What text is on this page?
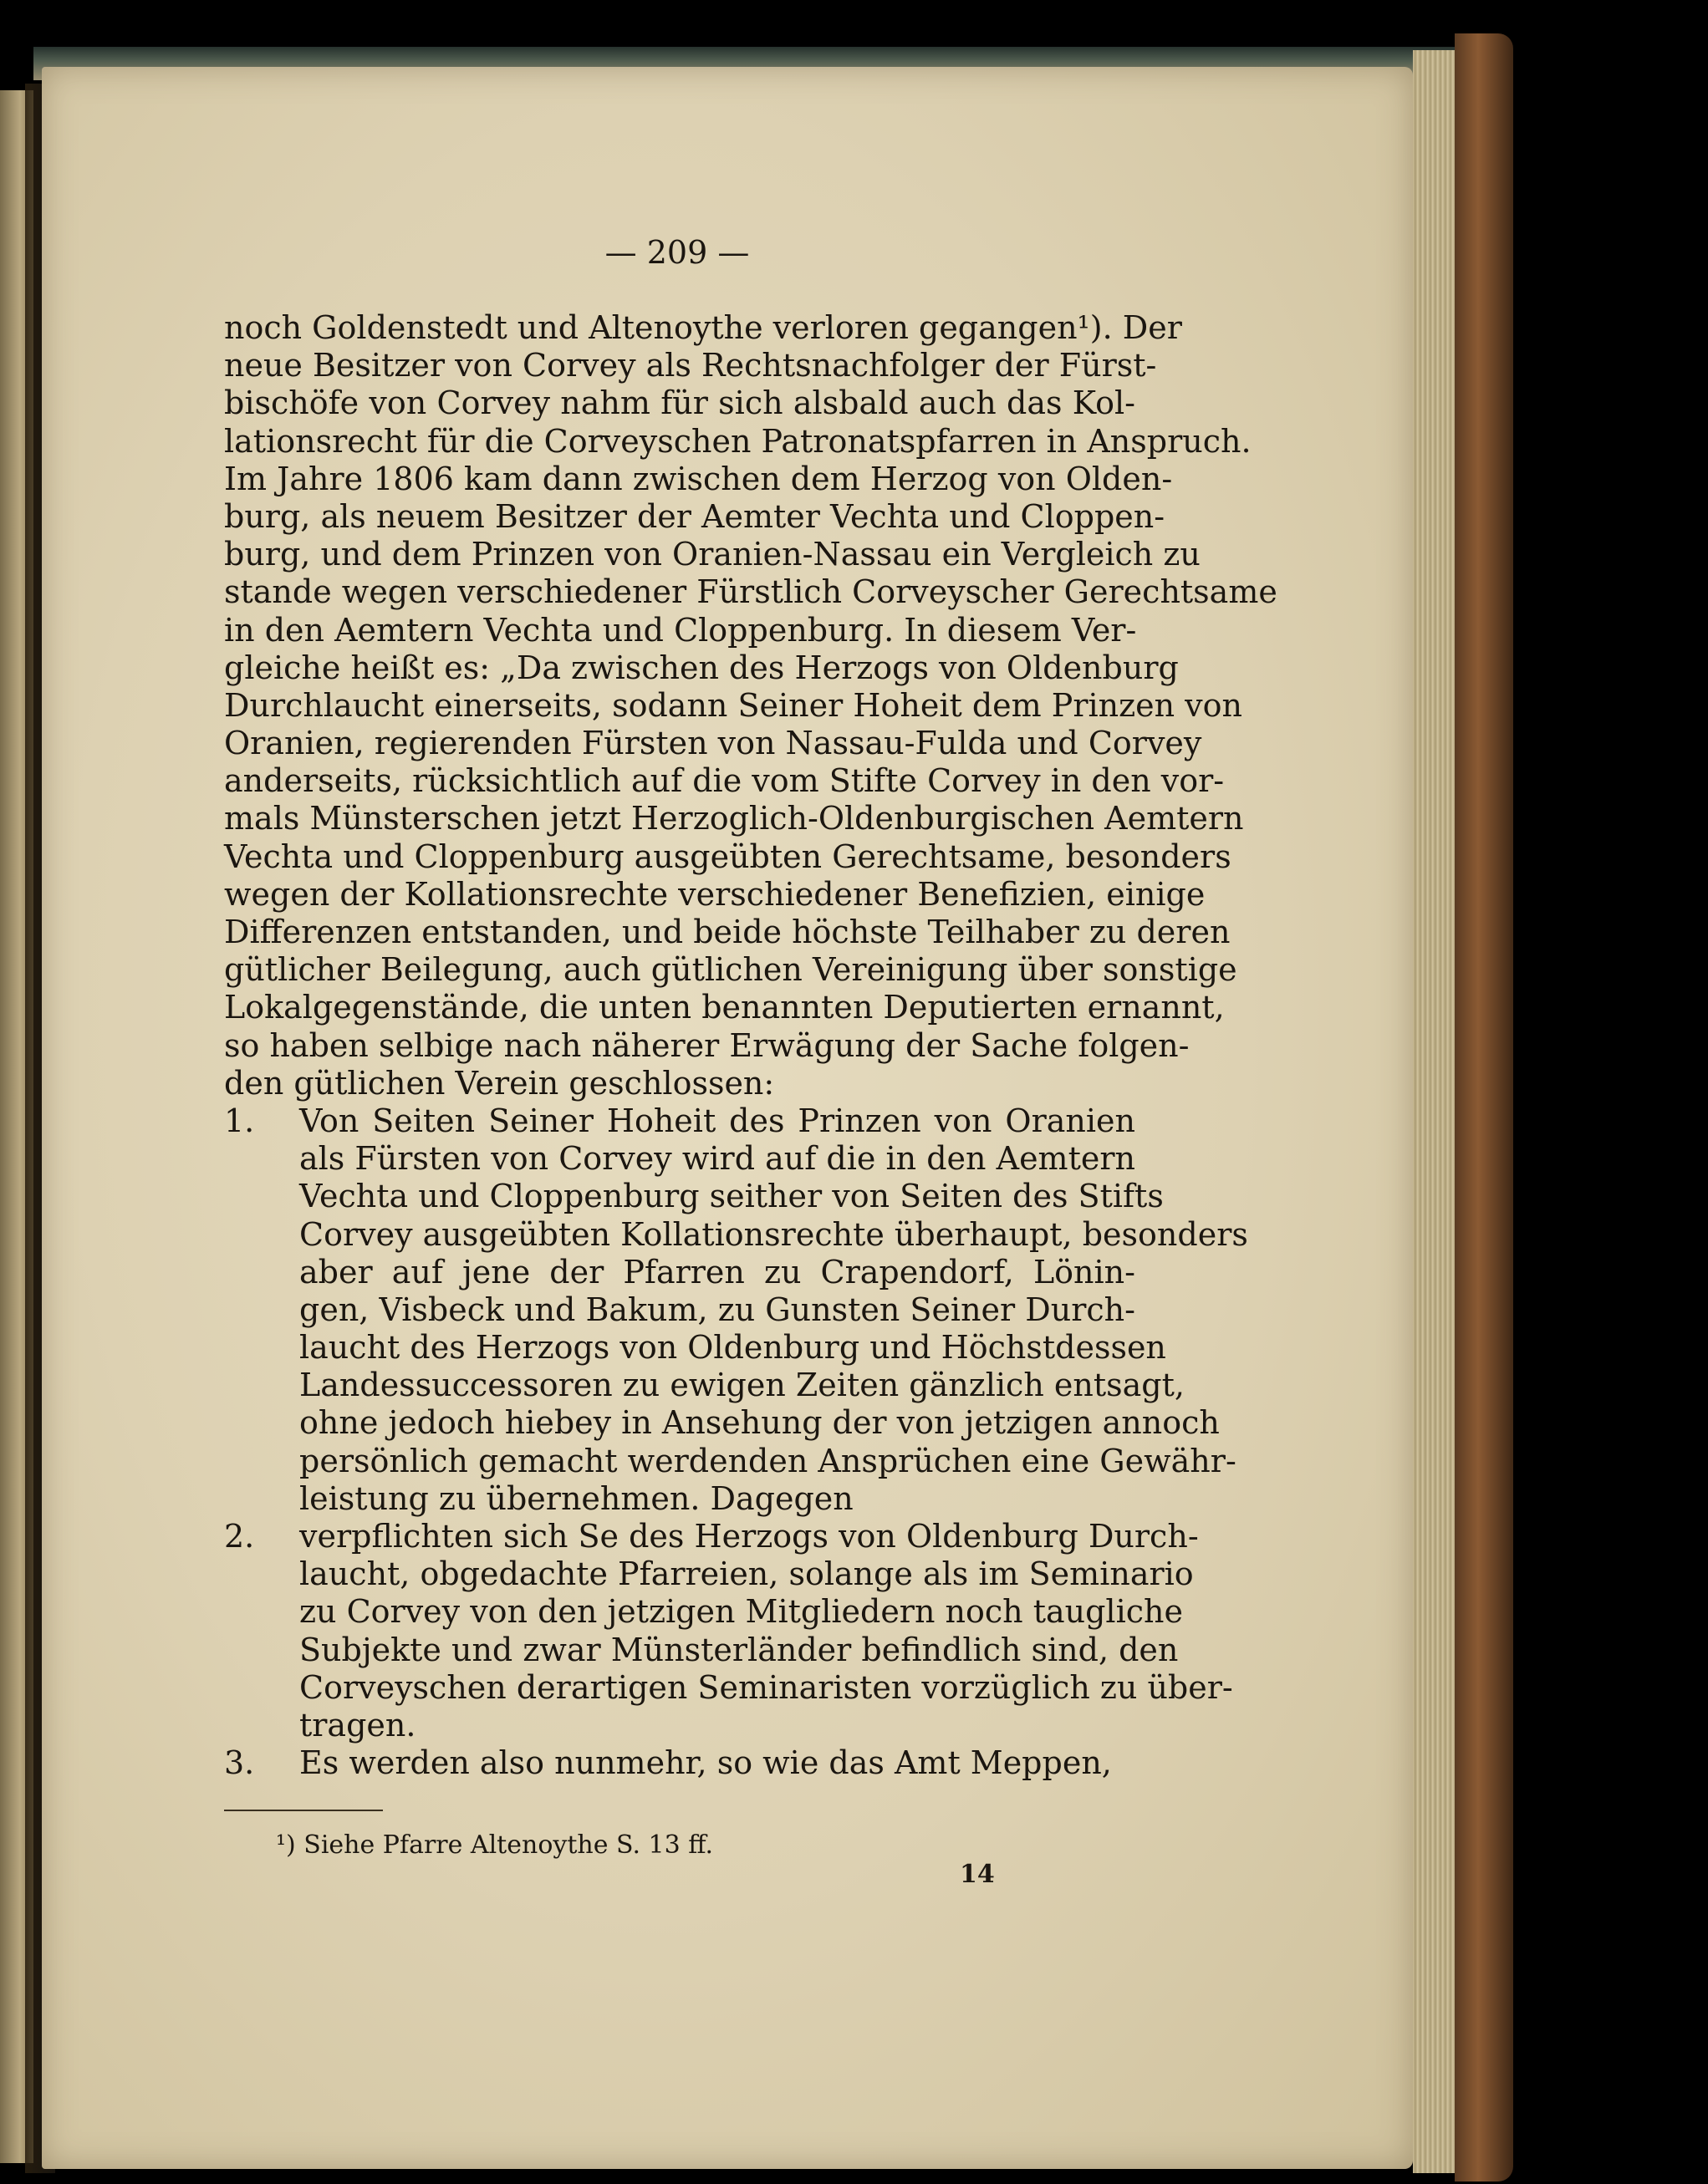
— 209 —
noch Goldenstedt und Altenoythe verloren gegangen¹). Der
neue Besitzer von Corvey als Rechtsnachfolger der Fürst-
bischöfe von Corvey nahm für sich alsbald auch das Kol-
lationsrecht für die Corveyschen Patronatspfarren in Anspruch.
Im Jahre 1806 kam dann zwischen dem Herzog von Olden-
burg, als neuem Besitzer der Aemter Vechta und Cloppen-
burg, und dem Prinzen von Oranien-Nassau ein Vergleich zu
stande wegen verschiedener Fürstlich Corveyscher Gerechtsame
in den Aemtern Vechta und Cloppenburg. In diesem Ver-
gleiche heißt es: „Da zwischen des Herzogs von Oldenburg
Durchlaucht einerseits, sodann Seiner Hoheit dem Prinzen von
Oranien, regierenden Fürsten von Nassau-Fulda und Corvey
anderseits, rücksichtlich auf die vom Stifte Corvey in den vor-
mals Münsterschen jetzt Herzoglich-Oldenburgischen Aemtern
Vechta und Cloppenburg ausgeübten Gerechtsame, besonders
wegen der Kollationsrechte verschiedener Benefizien, einige
Differenzen entstanden, und beide höchste Teilhaber zu deren
gütlicher Beilegung, auch gütlichen Vereinigung über sonstige
Lokalgegenstände, die unten benannten Deputierten ernannt,
so haben selbige nach näherer Erwägung der Sache folgen-
den gütlichen Verein geschlossen:
1. Von Seiten Seiner Hoheit des Prinzen von Oranien
als Fürsten von Corvey wird auf die in den Aemtern
Vechta und Cloppenburg seither von Seiten des Stifts
Corvey ausgeübten Kollationsrechte überhaupt, besonders
aber auf jene der Pfarren zu Crapendorf, Lönin-
gen, Visbeck und Bakum, zu Gunsten Seiner Durch-
laucht des Herzogs von Oldenburg und Höchstdessen
Landessuccessoren zu ewigen Zeiten gänzlich entsagt,
ohne jedoch hiebey in Ansehung der von jetzigen annoch
persönlich gemacht werdenden Ansprüchen eine Gewähr-
leistung zu übernehmen. Dagegen
2. verpflichten sich Se des Herzogs von Oldenburg Durch-
laucht, obgedachte Pfarreien, solange als im Seminario
zu Corvey von den jetzigen Mitgliedern noch taugliche
Subjekte und zwar Münsterländer befindlich sind, den
Corveyschen derartigen Seminaristen vorzüglich zu über-
tragen.
3. Es werden also nunmehr, so wie das Amt Meppen,
¹) Siehe Pfarre Altenoythe S. 13 ff.
14
